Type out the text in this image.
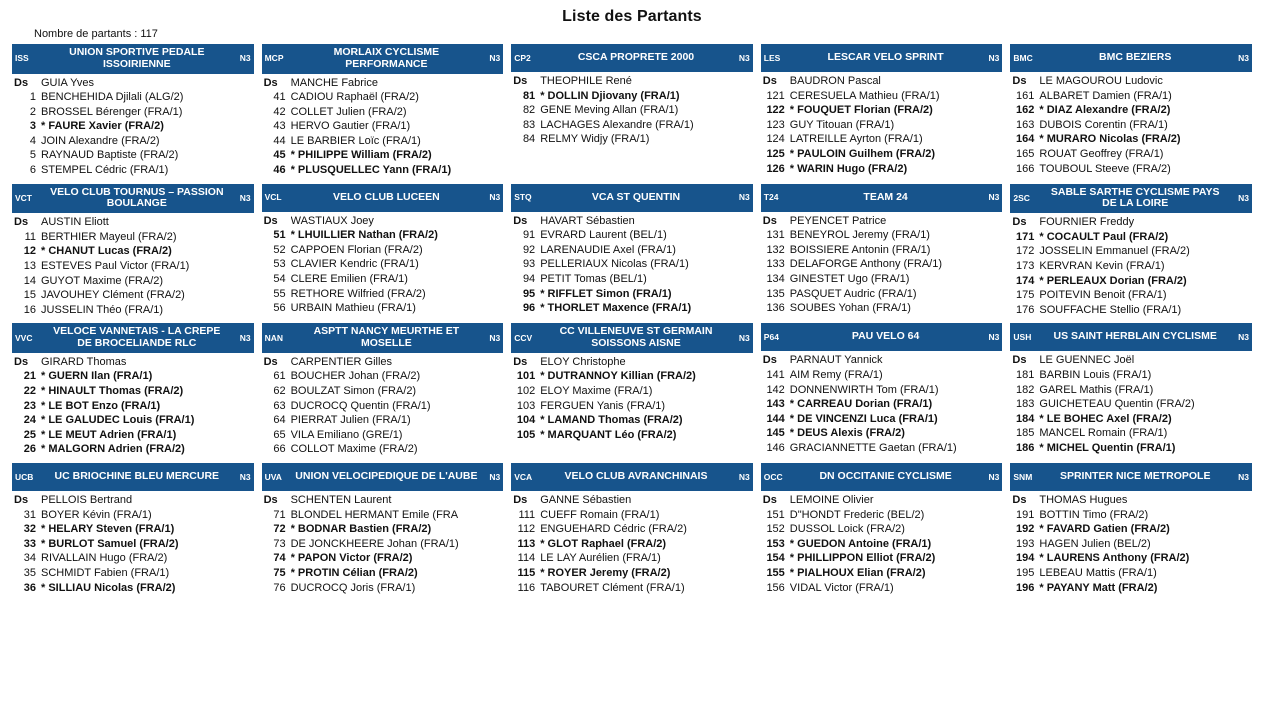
Liste des Partants
Nombre de partants : 117
ISS
UNION SPORTIVE PEDALE ISSOIRIENNE	N3
Ds	GUIA Yves
1 BENCHEHIDA Djilali (ALG/2)
2 BROSSEL Bérenger (FRA/1)
3 * FAURE Xavier (FRA/2)
4 JOIN Alexandre (FRA/2)
5 RAYNAUD Baptiste (FRA/2)
6 STEMPEL Cédric (FRA/1)
MCP
MORLAIX CYCLISME PERFORMANCE	N3
Ds	MANCHE Fabrice
41 CADIOU Raphaël (FRA/2)
42 COLLET Julien (FRA/2)
43 HERVO Gautier (FRA/1)
44 LE BARBIER Loïc (FRA/1)
45 * PHILIPPE William (FRA/2)
46 * PLUSQUELLEC Yann (FRA/1)
CP2	CSCA PROPRETE 2000	N3
Ds	THEOPHILE René
81 * DOLLIN Djiovany (FRA/1)
82 GENE Meving Allan (FRA/1)
83 LACHAGES Alexandre (FRA/1)
84 RELMY Widjy (FRA/1)
LES	LESCAR VELO SPRINT	N3
Ds	BAUDRON Pascal
121 CERESUELA Mathieu (FRA/1)
122 * FOUQUET Florian (FRA/2)
123 GUY Titouan (FRA/1)
124 LATREILLE Ayrton (FRA/1)
125 * PAULOIN Guilhem (FRA/2)
126 * WARIN Hugo (FRA/2)
BMC	BMC BEZIERS	N3
Ds	LE MAGOUROU Ludovic
161 ALBARET Damien (FRA/1)
162 * DIAZ Alexandre (FRA/2)
163 DUBOIS Corentin (FRA/1)
164 * MURARO Nicolas (FRA/2)
165 ROUAT Geoffrey (FRA/1)
166 TOUBOUL Steeve (FRA/2)
VCT
VELO CLUB TOURNUS – PASSION BOULANGE	N3
Ds	AUSTIN Eliott
11 BERTHIER Mayeul (FRA/2)
12 * CHANUT Lucas (FRA/2)
13 ESTEVES Paul Victor (FRA/1)
14 GUYOT Maxime (FRA/2)
15 JAVOUHEY Clément (FRA/2)
16 JUSSELIN Théo (FRA/1)
VCL	VELO CLUB LUCEEN	N3
Ds	WASTIAUX Joey
51 * LHUILLIER Nathan (FRA/2)
52 CAPPOEN Florian (FRA/2)
53 CLAVIER Kendric (FRA/1)
54 CLERE Emilien (FRA/1)
55 RETHORE Wilfried (FRA/2)
56 URBAIN Mathieu (FRA/1)
STQ	VCA ST QUENTIN	N3
Ds	HAVART Sébastien
91 EVRARD Laurent (BEL/1)
92 LARENAUDIE Axel (FRA/1)
93 PELLERIAUX Nicolas (FRA/1)
94 PETIT Tomas (BEL/1)
95 * RIFFLET Simon (FRA/1)
96 * THORLET Maxence (FRA/1)
T24	TEAM 24	N3
Ds	PEYENCET Patrice
131 BENEYROL Jeremy (FRA/1)
132 BOISSIERE Antonin (FRA/1)
133 DELAFORGE Anthony (FRA/1)
134 GINESTET Ugo (FRA/1)
135 PASQUET Audric (FRA/1)
136 SOUBES Yohan (FRA/1)
2SC
SABLE SARTHE CYCLISME PAYS DE LA LOIRE	N3
Ds	FOURNIER Freddy
171 * COCAULT Paul (FRA/2)
172 JOSSELIN Emmanuel (FRA/2)
173 KERVRAN Kevin (FRA/1)
174 * PERLEAUX Dorian (FRA/2)
175 POITEVIN Benoit (FRA/1)
176 SOUFFACHE Stellio (FRA/1)
VVC
VELOCE VANNETAIS - LA CREPE DE BROCELIANDE RLC	N3
Ds	GIRARD Thomas
21 * GUERN Ilan (FRA/1)
22 * HINAULT Thomas (FRA/2)
23 * LE BOT Enzo (FRA/1)
24 * LE GALUDEC Louis (FRA/1)
25 * LE MEUT Adrien (FRA/1)
26 * MALGORN Adrien (FRA/2)
NAN
ASPTT NANCY MEURTHE ET MOSELLE	N3
Ds	CARPENTIER Gilles
61 BOUCHER Johan (FRA/2)
62 BOULZAT Simon (FRA/2)
63 DUCROCQ Quentin (FRA/1)
64 PIERRAT Julien (FRA/1)
65 VILA Emiliano (GRE/1)
66 COLLOT Maxime (FRA/2)
CCV
CC VILLENEUVE ST GERMAIN SOISSONS AISNE	N3
Ds	ELOY Christophe
101 * DUTRANNOY Killian (FRA/2)
102 ELOY Maxime (FRA/1)
103 FERGUEN Yanis (FRA/1)
104 * LAMAND Thomas (FRA/2)
105 * MARQUANT Léo (FRA/2)
P64	PAU VELO 64	N3
Ds	PARNAUT Yannick
141 AIM Remy (FRA/1)
142 DONNENWIRTH Tom (FRA/1)
143 * CARREAU Dorian (FRA/1)
144 * DE VINCENZI Luca (FRA/1)
145 * DEUS Alexis (FRA/2)
146 GRACIANNETTE Gaetan (FRA/1)
USH	US SAINT HERBLAIN CYCLISME	N3
Ds	LE GUENNEC Joël
181 BARBIN Louis (FRA/1)
182 GAREL Mathis (FRA/1)
183 GUICHETEAU Quentin (FRA/2)
184 * LE BOHEC Axel (FRA/2)
185 MANCEL Romain (FRA/1)
186 * MICHEL Quentin (FRA/1)
UCB	UC BRIOCHINE BLEU MERCURE	N3
Ds	PELLOIS Bertrand
31 BOYER Kévin (FRA/1)
32 * HELARY Steven (FRA/1)
33 * BURLOT Samuel (FRA/2)
34 RIVALLAIN Hugo (FRA/2)
35 SCHMIDT Fabien (FRA/1)
36 * SILLIAU Nicolas (FRA/2)
UVA	UNION VELOCIPEDIQUE DE L'AUBE	N3
Ds	SCHENTEN Laurent
71 BLONDEL HERMANT Emile (FRA
72 * BODNAR Bastien (FRA/2)
73 DE JONCKHEERE Johan (FRA/1)
74 * PAPON Victor (FRA/2)
75 * PROTIN Célian (FRA/2)
76 DUCROCQ Joris (FRA/1)
VCA	VELO CLUB AVRANCHINAIS	N3
Ds	GANNE Sébastien
111 CUEFF Romain (FRA/1)
112 ENGUEHARD Cédric (FRA/2)
113 * GLOT Raphael (FRA/2)
114 LE LAY Aurélien (FRA/1)
115 * ROYER Jeremy (FRA/2)
116 TABOURET Clément (FRA/1)
OCC	DN OCCITANIE CYCLISME	N3
Ds	LEMOINE Olivier
151 D"HONDT Frederic (BEL/2)
152 DUSSOL Loick (FRA/2)
153 * GUEDON Antoine (FRA/1)
154 * PHILLIPPON Elliot (FRA/2)
155 * PIALHOUX Elian (FRA/2)
156 VIDAL Victor (FRA/1)
SNM	SPRINTER NICE METROPOLE	N3
Ds	THOMAS Hugues
191 BOTTIN Timo (FRA/2)
192 * FAVARD Gatien (FRA/2)
193 HAGEN Julien (BEL/2)
194 * LAURENS Anthony (FRA/2)
195 LEBEAU Mattis (FRA/1)
196 * PAYANY Matt (FRA/2)
